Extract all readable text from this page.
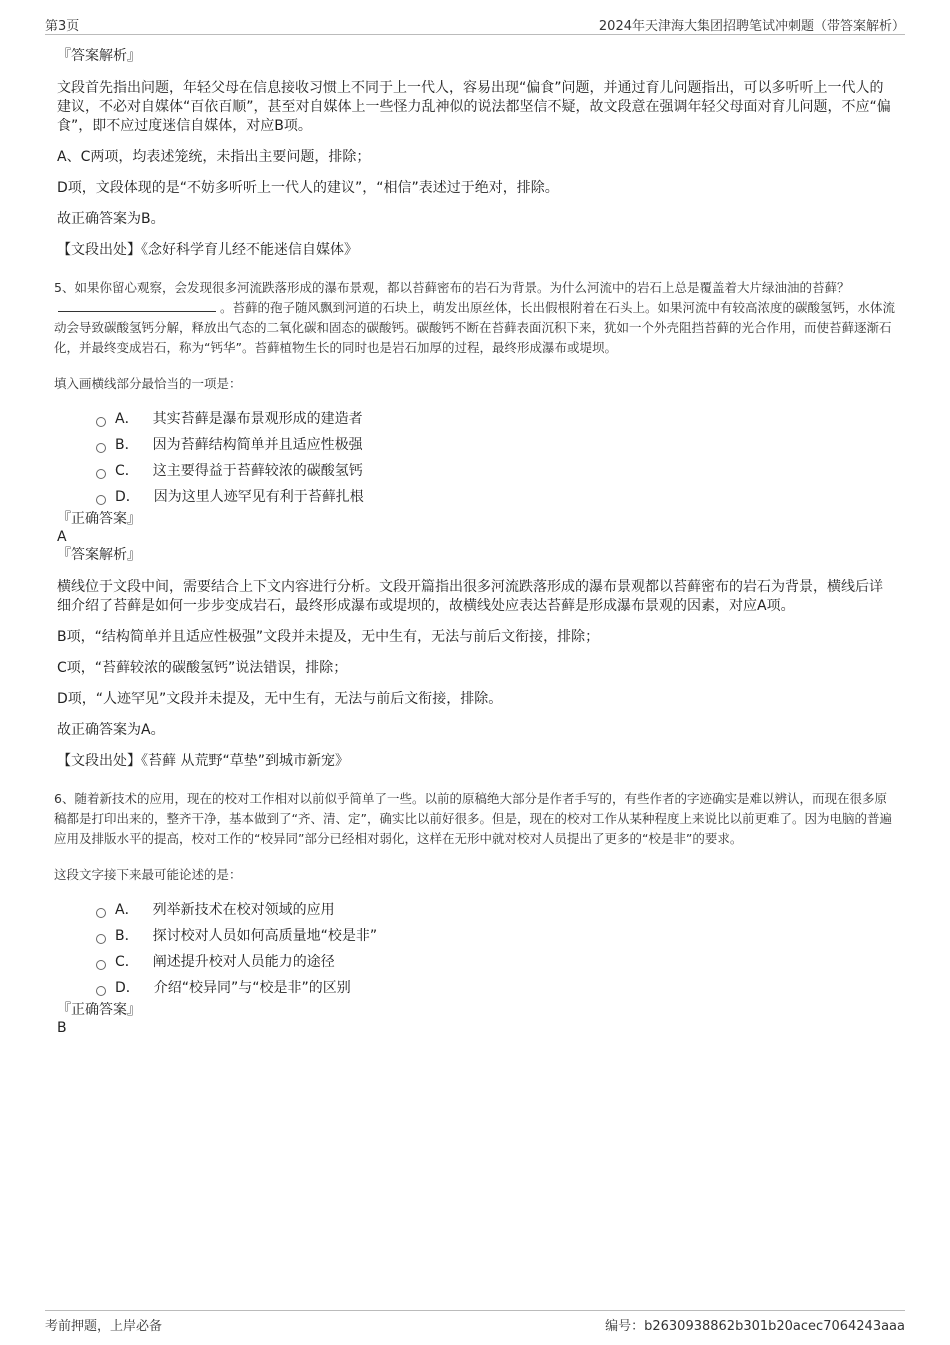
第3页	2024年天津海大集团招聘笔试冲刺题（带答案解析）

『答案解析』

文段首先指出问题，年轻父母在信息接收习惯上不同于上一代人，容易出现“偏食”问题，并通过育儿问题指出，可以多听听上一代人的建议，不必对自媒体“百依百顺”，甚至对自媒体上一些怪力乱神似的说法都坚信不疑，故文段意在强调年轻父母面对育儿问题，不应“偏食”，即不应过度迷信自媒体，对应B项。

A、C两项，均表述笼统，未指出主要问题，排除；

D项，文段体现的是“不妨多听听上一代人的建议”，“相信”表述过于绝对，排除。

故正确答案为B。

【文段出处】《念好科学育儿经不能迷信自媒体》

5、如果你留心观察，会发现很多河流跌落形成的瀑布景观，都以苔藓密布的岩石为背景。为什么河流中的岩石上总是覆盖着大片绿油油的苔藓？。苔藓的孢子随风飘到河道的石块上，萌发出原丝体，长出假根附着在石头上。如果河流中有较高浓度的碳酸氢钙，水体流动会导致碳酸氢钙分解，释放出气态的二氧化碳和固态的碳酸钙。碳酸钙不断在苔藓表面沉积下来，犹如一个外壳阻挡苔藓的光合作用，而使苔藓逐渐石化，并最终变成岩石，称为“钙华”。苔藓植物生长的同时也是岩石加厚的过程，最终形成瀑布或堤坝。

填入画横线部分最恰当的一项是：

A． 其实苔藓是瀑布景观形成的建造者
B． 因为苔藓结构简单并且适应性极强
C． 这主要得益于苔藓较浓的碳酸氢钙
D． 因为这里人迹罕见有利于苔藓扎根

『正确答案』

A

『答案解析』

横线位于文段中间，需要结合上下文内容进行分析。文段开篇指出很多河流跌落形成的瀑布景观都以苔藓密布的岩石为背景，横线后详细介绍了苔藓是如何一步步变成岩石，最终形成瀑布或堤坝的，故横线处应表达苔藓是形成瀑布景观的因素，对应A项。

B项，“结构简单并且适应性极强”文段并未提及，无中生有，无法与前后文衔接，排除；

C项，“苔藓较浓的碳酸氢钙”说法错误，排除；

D项，“人迹罕见”文段并未提及，无中生有，无法与前后文衔接，排除。

故正确答案为A。

【文段出处】《苔藓 从荒野“草垫”到城市新宠》

6、随着新技术的应用，现在的校对工作相对以前似乎简单了一些。以前的原稿绝大部分是作者手写的，有些作者的字迹确实是难以辨认，而现在很多原稿都是打印出来的，整齐干净，基本做到了“齐、清、定”，确实比以前好很多。但是，现在的校对工作从某种程度上来说比以前更难了。因为电脑的普遍应用及排版水平的提高，校对工作的“校异同”部分已经相对弱化，这样在无形中就对校对人员提出了更多的“校是非”的要求。

这段文字接下来最可能论述的是：

A． 列举新技术在校对领域的应用
B． 探讨校对人员如何高质量地“校是非”
C． 阐述提升校对人员能力的途径
D． 介绍“校异同”与“校是非”的区别

『正确答案』

B

考前押题，上岸必备	编号：b2630938862b301b20acec7064243aaa
